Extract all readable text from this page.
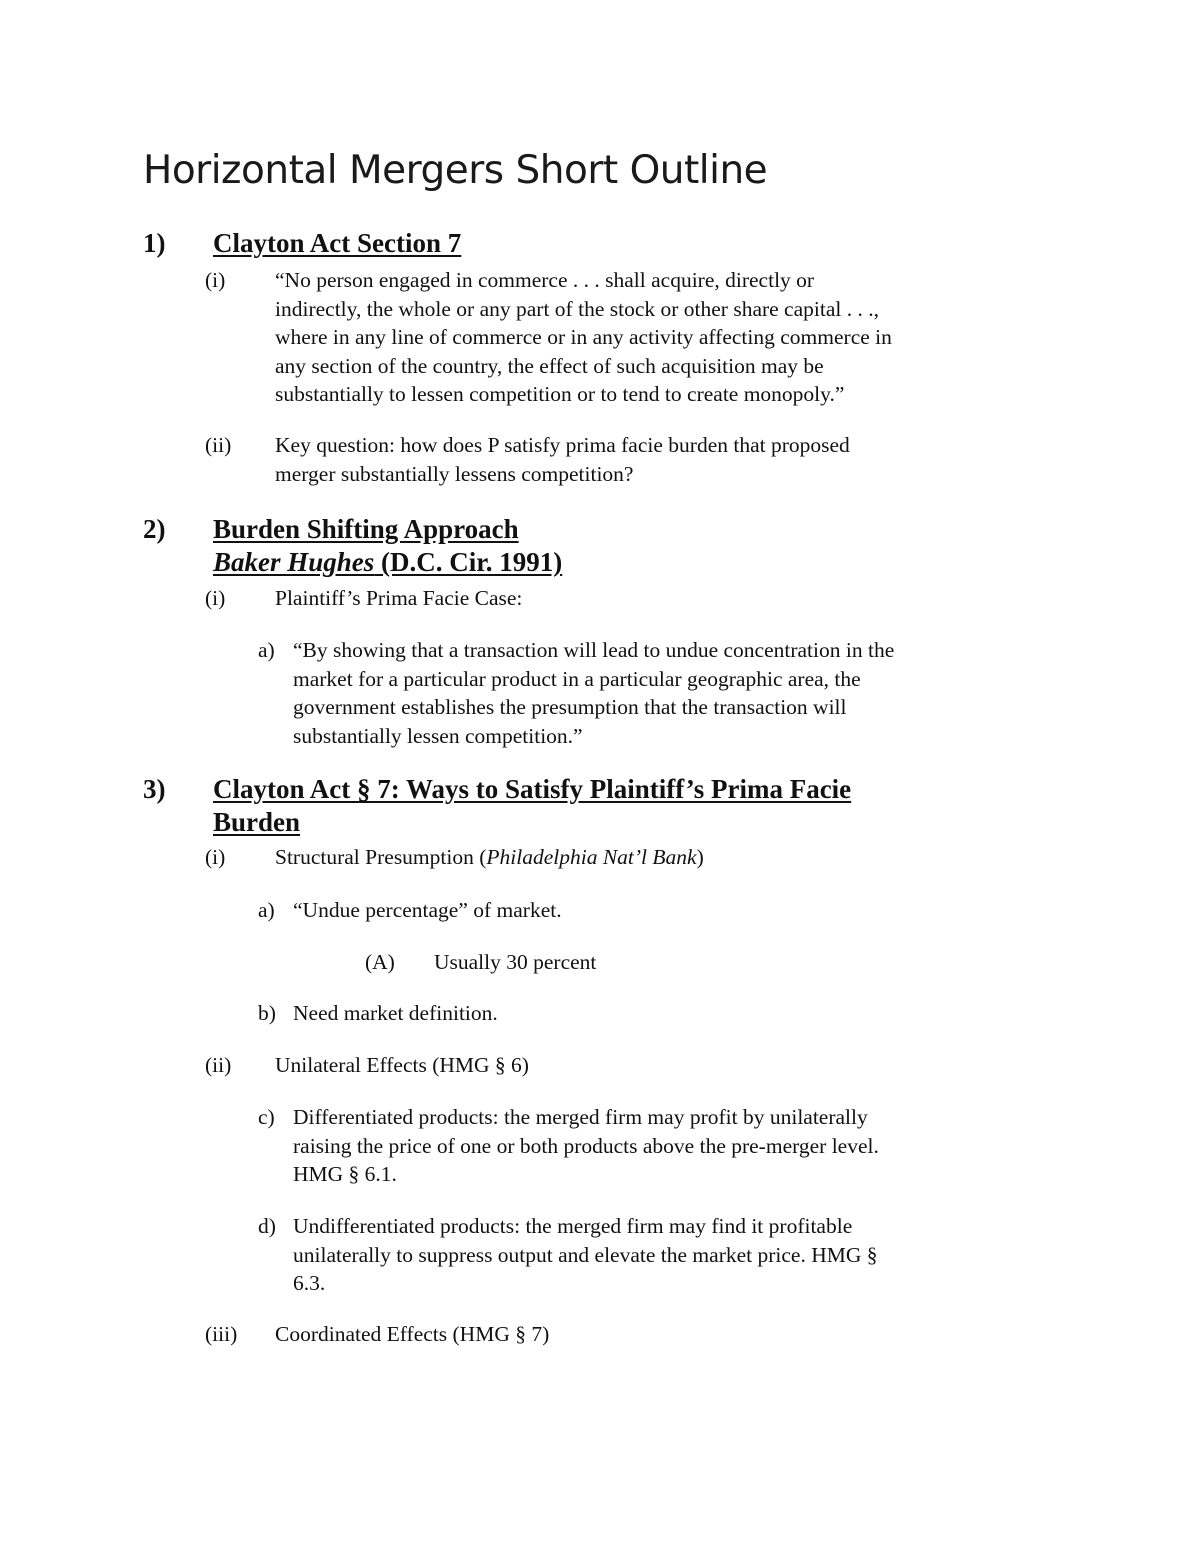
Horizontal Mergers Short Outline
1) Clayton Act Section 7
(i) “No person engaged in commerce . . . shall acquire, directly or
indirectly, the whole or any part of the stock or other share capital . . .,
where in any line of commerce or in any activity affecting commerce in
any section of the country, the effect of such acquisition may be
substantially to lessen competition or to tend to create monopoly.”
(ii) Key question: how does P satisfy prima facie burden that proposed
merger substantially lessens competition?
2) Burden Shifting Approach
Baker Hughes (D.C. Cir. 1991)
(i) Plaintiff’s Prima Facie Case:
a) “By showing that a transaction will lead to undue concentration in the
market for a particular product in a particular geographic area, the
government establishes the presumption that the transaction will
substantially lessen competition.”
3) Clayton Act § 7: Ways to Satisfy Plaintiff’s Prima Facie
Burden
(i) Structural Presumption (Philadelphia Nat’l Bank)
a) “Undue percentage” of market.
(A) Usually 30 percent
b) Need market definition.
(ii) Unilateral Effects (HMG § 6)
c) Differentiated products: the merged firm may profit by unilaterally
raising the price of one or both products above the pre-merger level.
HMG § 6.1.
d) Undifferentiated products: the merged firm may find it profitable
unilaterally to suppress output and elevate the market price. HMG §
6.3.
(iii) Coordinated Effects (HMG § 7)
